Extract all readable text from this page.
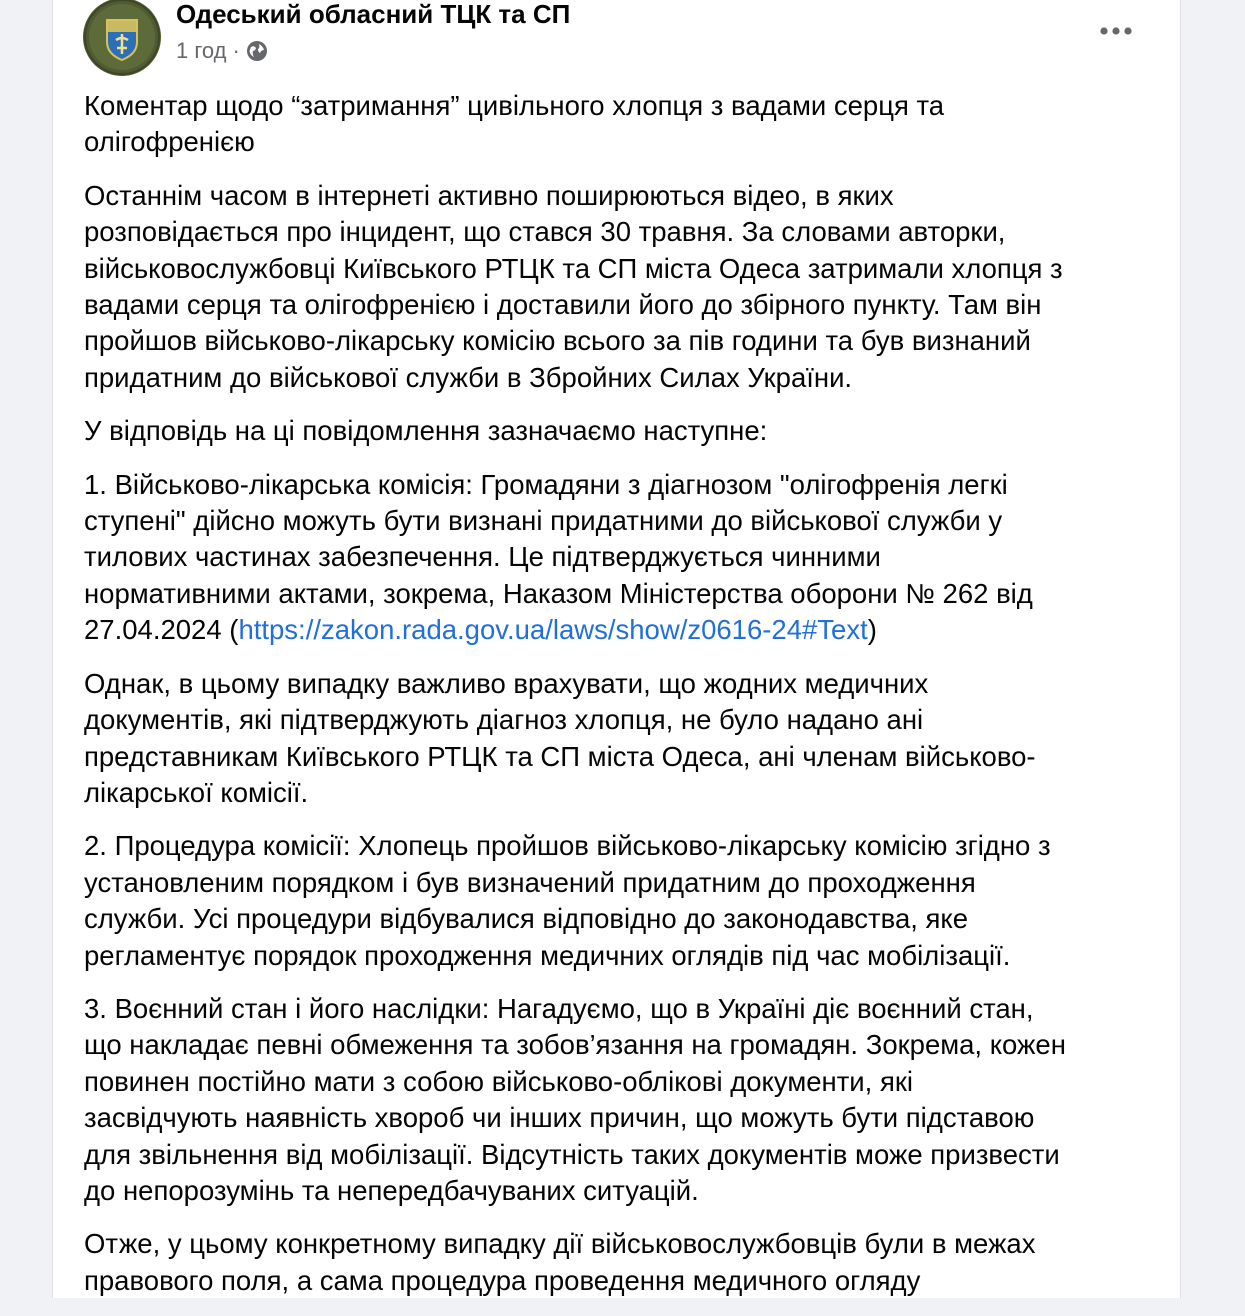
Одеський обласний ТЦК та СП
1 год ·
Коментар щодо “затримання” цивільного хлопця з вадами серця та
олігофренією
Останнім часом в інтернеті активно поширюються відео, в яких
розповідається про інцидент, що стався 30 травня. За словами авторки,
військовослужбовці Київського РТЦК та СП міста Одеса затримали хлопця з
вадами серця та олігофренією і доставили його до збірного пункту. Там він
пройшов військово-лікарську комісію всього за пів години та був визнаний
придатним до військової служби в Збройних Силах України.
У відповідь на ці повідомлення зазначаємо наступне:
1. Військово-лікарська комісія: Громадяни з діагнозом "олігофренія легкі
ступені" дійсно можуть бути визнані придатними до військової служби у
тилових частинах забезпечення. Це підтверджується чинними
нормативними актами, зокрема, Наказом Міністерства оборони № 262 від
27.04.2024 (https://zakon.rada.gov.ua/laws/show/z0616-24#Text)
Однак, в цьому випадку важливо врахувати, що жодних медичних
документів, які підтверджують діагноз хлопця, не було надано ані
представникам Київського РТЦК та СП міста Одеса, ані членам військово-
лікарської комісії.
2. Процедура комісії: Хлопець пройшов військово-лікарську комісію згідно з
установленим порядком і був визначений придатним до проходження
служби. Усі процедури відбувалися відповідно до законодавства, яке
регламентує порядок проходження медичних оглядів під час мобілізації.
3. Воєнний стан і його наслідки: Нагадуємо, що в Україні діє воєнний стан,
що накладає певні обмеження та зобов’язання на громадян. Зокрема, кожен
повинен постійно мати з собою військово-облікові документи, які
засвідчують наявність хвороб чи інших причин, що можуть бути підставою
для звільнення від мобілізації. Відсутність таких документів може призвести
до непорозумінь та непередбачуваних ситуацій.
Отже, у цьому конкретному випадку дії військовослужбовців були в межах
правового поля, а сама процедура проведення медичного огляду
